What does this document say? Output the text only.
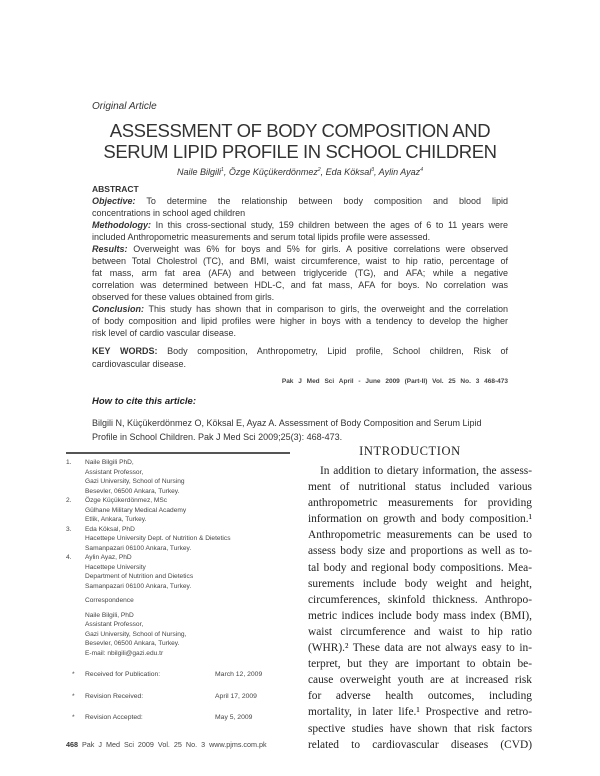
Original Article
ASSESSMENT OF BODY COMPOSITION AND
SERUM LIPID PROFILE IN SCHOOL CHILDREN
Naile Bilgili$^1$, Özge Küçükerdönmez$^2$, Eda Köksal$^3$, Aylin Ayaz$^4$
ABSTRACT
Objective: To determine the relationship between body composition and blood lipid
concentrations in school aged children
Methodology: In this cross-sectional study, 159 children between the ages of 6 to 11 years were
included Anthropometric measurements and serum total lipids profile were assessed.
Results: Overweight was 6% for boys and 5% for girls. A positive correlations were observed
between Total Cholestrol (TC), and BMI, waist circumference, waist to hip ratio, percentage of
fat mass, arm fat area (AFA) and between triglyceride (TG), and AFA; while a negative
correlation was determined between HDL-C, and fat mass, AFA for boys. No correlation was
observed for these values obtained from girls.
Conclusion: This study has shown that in comparison to girls, the overweight and the correlation
of body composition and lipid profiles were higher in boys with a tendency to develop the higher
risk level of cardio vascular disease.
KEY WORDS: Body composition, Anthropometry, Lipid profile, School children, Risk of
cardiovascular disease.
Pak J Med Sci April - June 2009 (Part-II) Vol. 25 No. 3 468-473
How to cite this article:
Bilgili N, Küçükerdönmez O, Köksal E, Ayaz A. Assessment of Body Composition and Serum Lipid
Profile in School Children. Pak J Med Sci 2009;25(3): 468-473.
INTRODUCTION
In addition to dietary information, the assess-
ment of nutritional status included various
anthropometric measurements for providing
information on growth and body composition.¹
Anthropometric measurements can be used to
assess body size and proportions as well as to-
tal body and regional body compositions. Mea-
surements include body weight and height,
circumferences, skinfold thickness. Anthropo-
metric indices include body mass index (BMI),
waist circumference and waist to hip ratio
(WHR).² These data are not always easy to in-
terpret, but they are important to obtain be-
cause overweight youth are at increased risk
for adverse health outcomes, including
mortality, in later life.¹ Prospective and retro-
spective studies have shown that risk factors
related to cardiovascular diseases (CVD)
1.	Naile Bilgili PhD,
Assistant Professor,
Gazi University, School of Nursing
Besevler, 06500 Ankara, Turkey.
2.	Özge Küçükerdönmez, MSc
Gülhane Military Medical Academy
Etlik, Ankara, Turkey.
3.	Eda Köksal, PhD
Hacettepe University Dept. of Nutrition & Dietetics
Samanpazari 06100 Ankara, Turkey.
4.	Aylin Ayaz, PhD
Hacettepe University
Department of Nutrition and Dietetics
Samanpazari 06100 Ankara, Turkey.
Correspondence
Naile Bilgili, PhD
Assistant Professor,
Gazi University, School of Nursing,
Besevler, 06500 Ankara, Turkey.
E-mail: nbilgili@gazi.edu.tr
*	Received for Publication:	March 12, 2009
*	Revision Received:	April 17, 2009
*	Revision Accepted:	May 5, 2009
468 Pak J Med Sci 2009 Vol. 25 No. 3 www.pjms.com.pk
